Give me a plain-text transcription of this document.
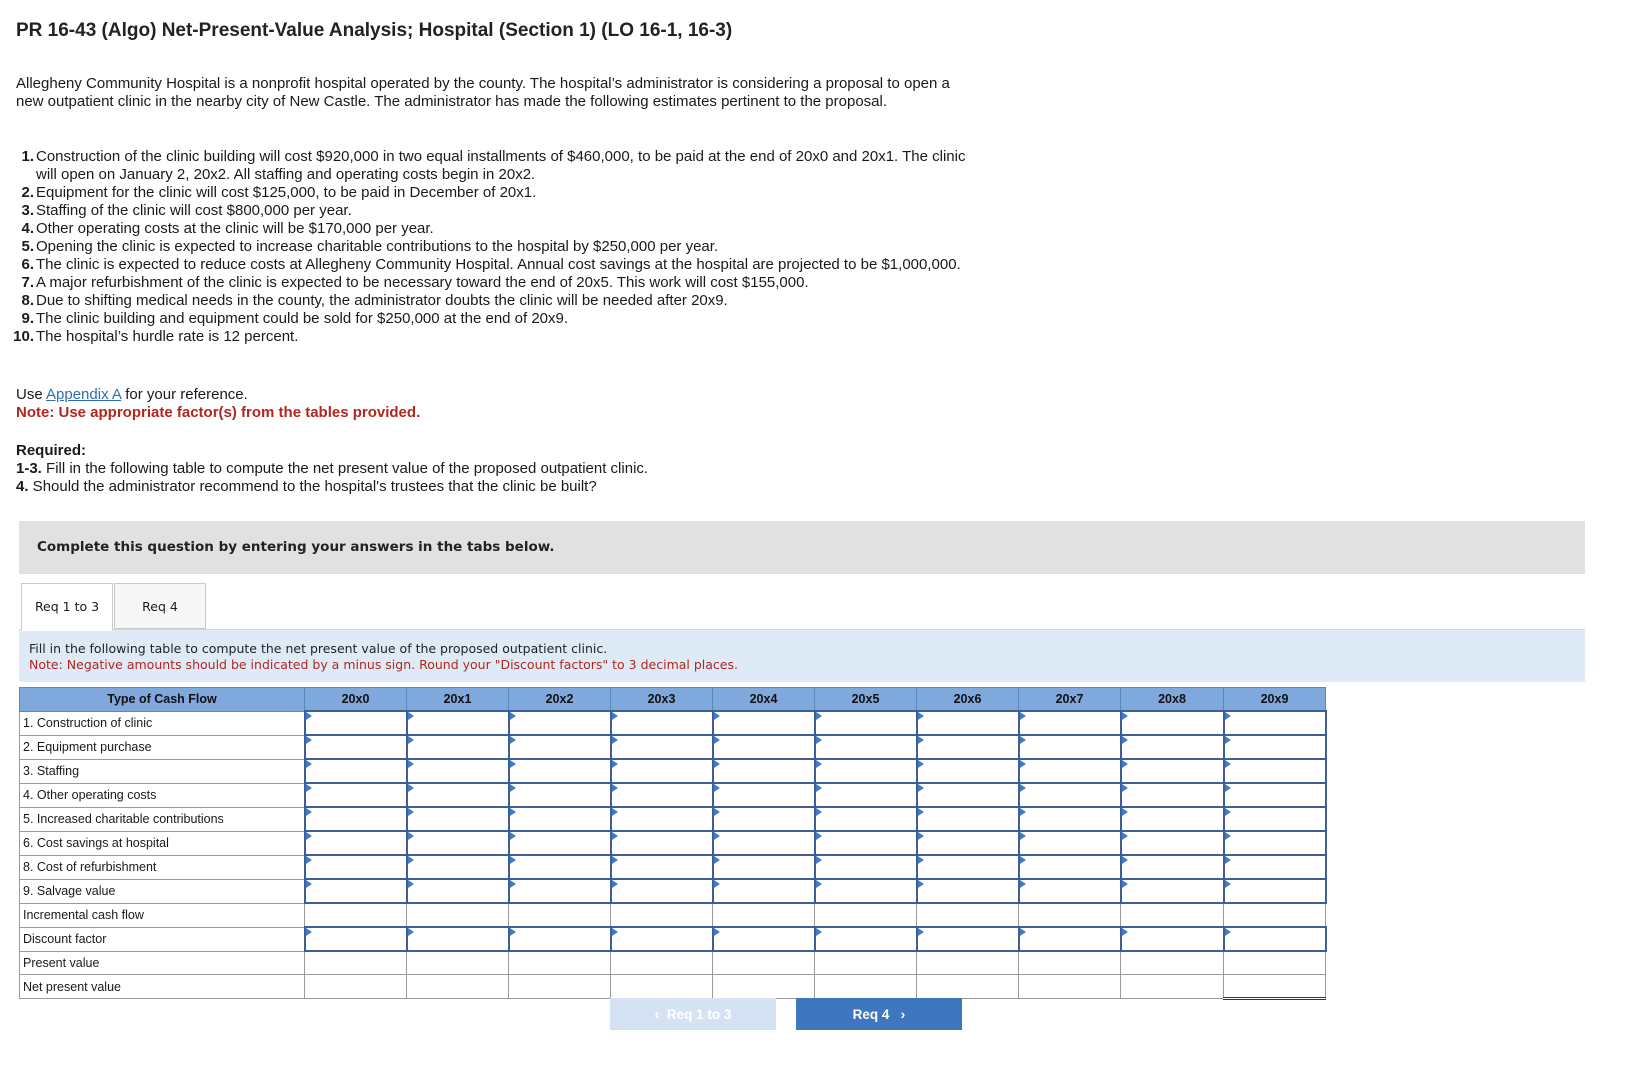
PR 16-43 (Algo) Net-Present-Value Analysis; Hospital (Section 1) (LO 16-1, 16-3)

Allegheny Community Hospital is a nonprofit hospital operated by the county. The hospital’s administrator is considering a proposal to open a new outpatient clinic in the nearby city of New Castle. The administrator has made the following estimates pertinent to the proposal.

1. Construction of the clinic building will cost $920,000 in two equal installments of $460,000, to be paid at the end of 20x0 and 20x1. The clinic will open on January 2, 20x2. All staffing and operating costs begin in 20x2.
2. Equipment for the clinic will cost $125,000, to be paid in December of 20x1.
3. Staffing of the clinic will cost $800,000 per year.
4. Other operating costs at the clinic will be $170,000 per year.
5. Opening the clinic is expected to increase charitable contributions to the hospital by $250,000 per year.
6. The clinic is expected to reduce costs at Allegheny Community Hospital. Annual cost savings at the hospital are projected to be $1,000,000.
7. A major refurbishment of the clinic is expected to be necessary toward the end of 20x5. This work will cost $155,000.
8. Due to shifting medical needs in the county, the administrator doubts the clinic will be needed after 20x9.
9. The clinic building and equipment could be sold for $250,000 at the end of 20x9.
10. The hospital’s hurdle rate is 12 percent.
Use Appendix A for your reference.
Note: Use appropriate factor(s) from the tables provided.
Required:
1-3. Fill in the following table to compute the net present value of the proposed outpatient clinic.
4. Should the administrator recommend to the hospital's trustees that the clinic be built?
Complete this question by entering your answers in the tabs below.
Req 1 to 3	Req 4
Fill in the following table to compute the net present value of the proposed outpatient clinic.
Note: Negative amounts should be indicated by a minus sign. Round your "Discount factors" to 3 decimal places.
Type of Cash Flow	20x0	20x1	20x2	20x3	20x4	20x5	20x6	20x7	20x8	20x9
1. Construction of clinic										
2. Equipment purchase										
3. Staffing										
4. Other operating costs										
5. Increased charitable contributions										
6. Cost savings at hospital										
8. Cost of refurbishment										
9. Salvage value										
Incremental cash flow										
Discount factor										
Present value										
Net present value										
‹ Req 1 to 3	Req 4 ›
